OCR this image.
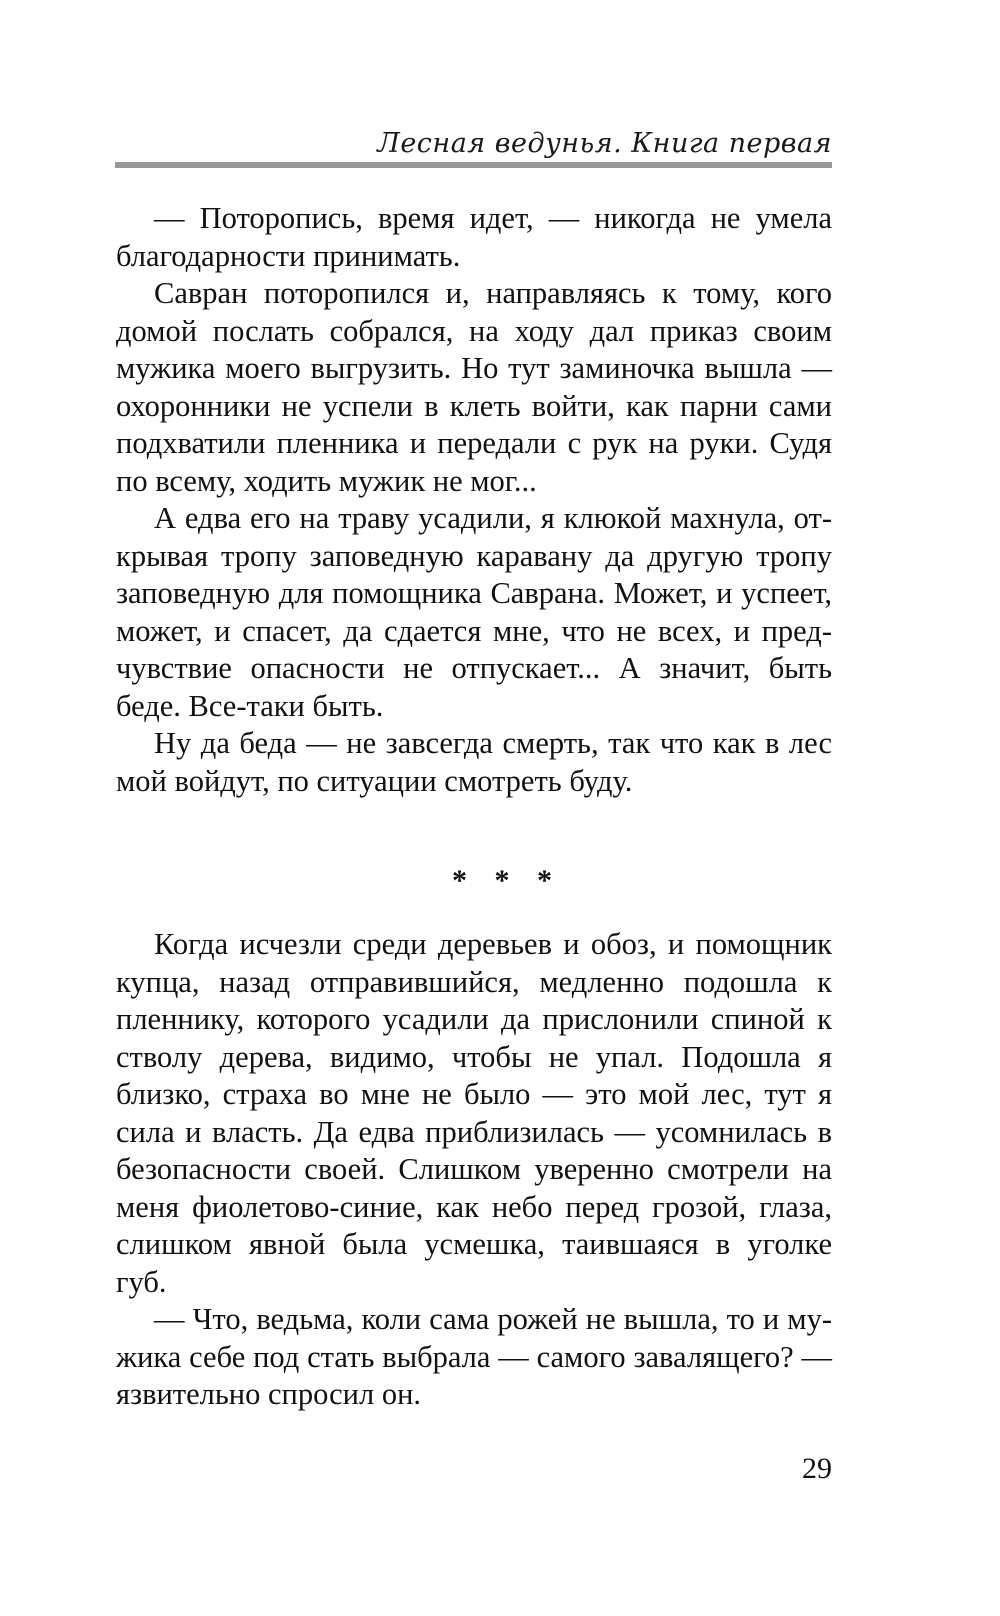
Лесная ведунья. Книга первая

— Поторопись, время идет, — никогда не умела благодарности принимать.

Савран поторопился и, направляясь к тому, кого домой послать собрался, на ходу дал приказ своим мужика моего выгрузить. Но тут заминочка вышла — охоронники не успели в клеть войти, как парни сами подхватили пленника и передали с рук на руки. Судя по всему, ходить мужик не мог...

А едва его на траву усадили, я клюкой махнула, открывая тропу заповедную каравану да другую тропу заповедную для помощника Саврана. Может, и успеет, может, и спасет, да сдается мне, что не всех, и предчувствие опасности не отпускает... А значит, быть беде. Все-таки быть.

Ну да беда — не завсегда смерть, так что как в лес мой войдут, по ситуации смотреть буду.

* * *

Когда исчезли среди деревьев и обоз, и помощник купца, назад отправившийся, медленно подошла к пленнику, которого усадили да прислонили спиной к стволу дерева, видимо, чтобы не упал. Подошла я близко, страха во мне не было — это мой лес, тут я сила и власть. Да едва приблизилась — усомнилась в безопасности своей. Слишком уверенно смотрели на меня фиолетово-синие, как небо перед грозой, глаза, слишком явной была усмешка, таившаяся в уголке губ.

— Что, ведьма, коли сама рожей не вышла, то и мужика себе под стать выбрала — самого завалящего? — язвительно спросил он.

29
